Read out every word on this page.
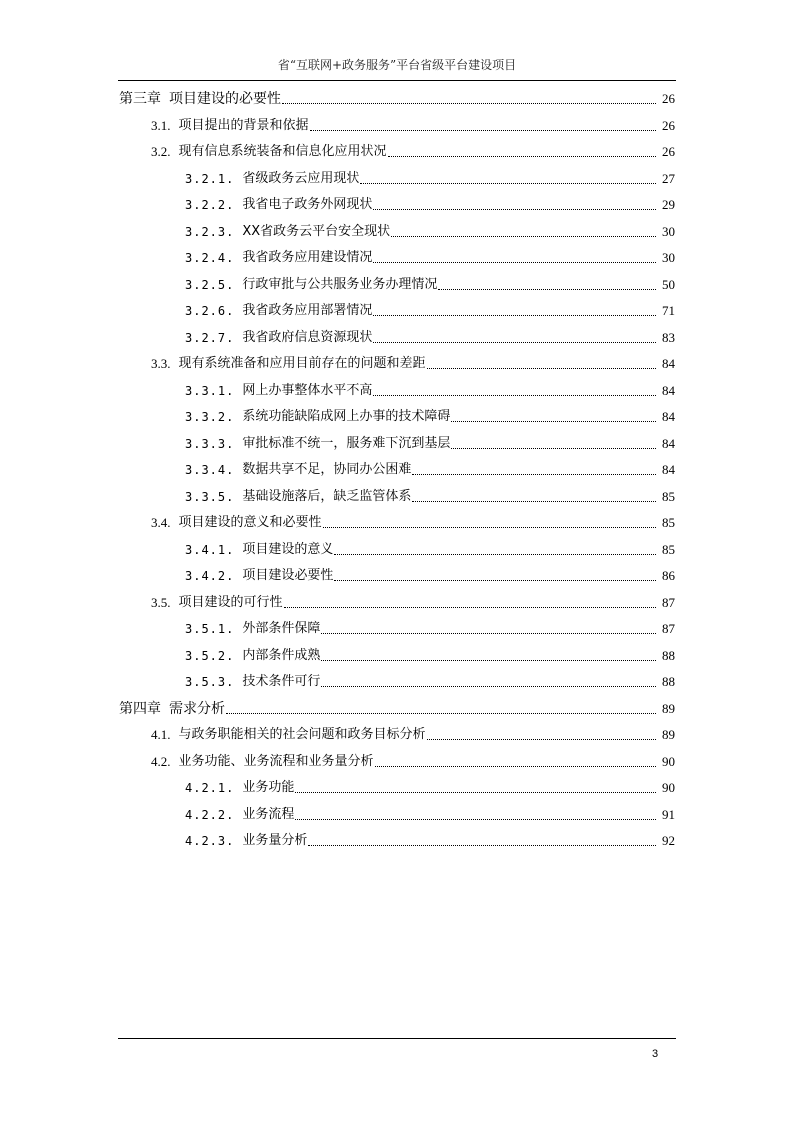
省“互联网+政务服务”平台省级平台建设项目
第三章 项目建设的必要性	26
3.1. 项目提出的背景和依据	26
3.2. 现有信息系统装备和信息化应用状况	26
3.2.1. 省级政务云应用现状	27
3.2.2. 我省电子政务外网现状	29
3.2.3. XX省政务云平台安全现状	30
3.2.4. 我省政务应用建设情况	30
3.2.5. 行政审批与公共服务业务办理情况	50
3.2.6. 我省政务应用部署情况	71
3.2.7. 我省政府信息资源现状	83
3.3. 现有系统准备和应用目前存在的问题和差距	84
3.3.1. 网上办事整体水平不高	84
3.3.2. 系统功能缺陷成网上办事的技术障碍	84
3.3.3. 审批标准不统一，服务难下沉到基层	84
3.3.4. 数据共享不足，协同办公困难	84
3.3.5. 基础设施落后，缺乏监管体系	85
3.4. 项目建设的意义和必要性	85
3.4.1. 项目建设的意义	85
3.4.2. 项目建设必要性	86
3.5. 项目建设的可行性	87
3.5.1. 外部条件保障	87
3.5.2. 内部条件成熟	88
3.5.3. 技术条件可行	88
第四章 需求分析	89
4.1. 与政务职能相关的社会问题和政务目标分析	89
4.2. 业务功能、业务流程和业务量分析	90
4.2.1. 业务功能	90
4.2.2. 业务流程	91
4.2.3. 业务量分析	92
3
